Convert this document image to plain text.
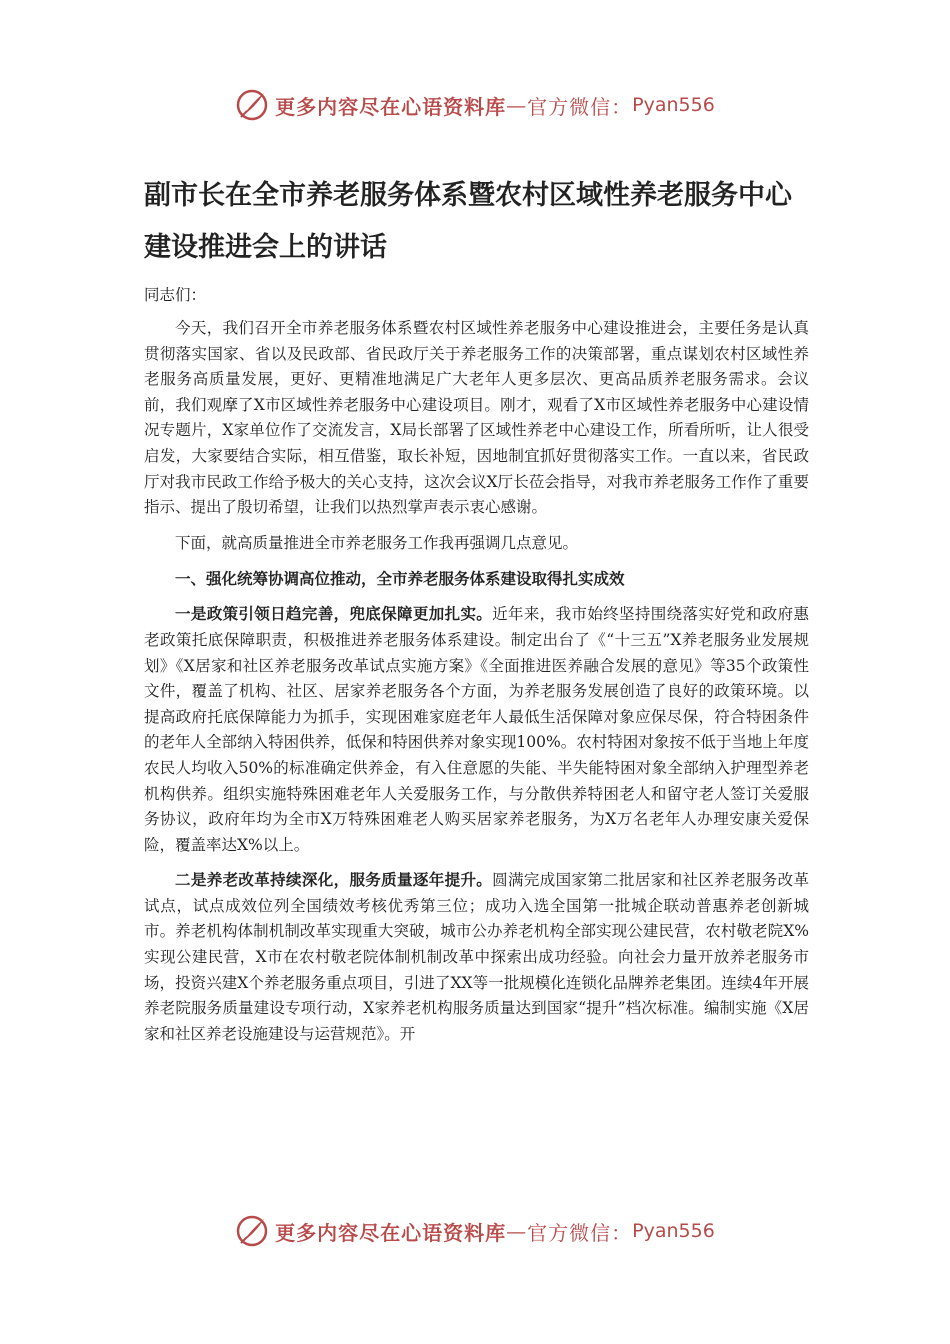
更多内容尽在心语资料库 — 官方微信： Pyan556
副市长在全市养老服务体系暨农村区域性养老服务中心建设推进会上的讲话

同志们：

今天，我们召开全市养老服务体系暨农村区域性养老服务中心建设推进会，主要任务是认真贯彻落实国家、省以及民政部、省民政厅关于养老服务工作的决策部署，重点谋划农村区域性养老服务高质量发展，更好、更精准地满足广大老年人更多层次、更高品质养老服务需求。会议前，我们观摩了X市区域性养老服务中心建设项目。刚才，观看了X市区域性养老服务中心建设情况专题片，X家单位作了交流发言，X局长部署了区域性养老中心建设工作，所看所听，让人很受启发，大家要结合实际，相互借鉴，取长补短，因地制宜抓好贯彻落实工作。一直以来，省民政厅对我市民政工作给予极大的关心支持，这次会议X厅长莅会指导，对我市养老服务工作作了重要指示、提出了殷切希望，让我们以热烈掌声表示衷心感谢。

下面，就高质量推进全市养老服务工作我再强调几点意见。

一、强化统筹协调高位推动，全市养老服务体系建设取得扎实成效

一是政策引领日趋完善，兜底保障更加扎实。近年来，我市始终坚持围绕落实好党和政府惠老政策托底保障职责，积极推进养老服务体系建设。制定出台了《“十三五”X养老服务业发展规划》《X居家和社区养老服务改革试点实施方案》《全面推进医养融合发展的意见》等35个政策性文件，覆盖了机构、社区、居家养老服务各个方面，为养老服务发展创造了良好的政策环境。以提高政府托底保障能力为抓手，实现困难家庭老年人最低生活保障对象应保尽保，符合特困条件的老年人全部纳入特困供养，低保和特困供养对象实现100%。农村特困对象按不低于当地上年度农民人均收入50%的标准确定供养金，有入住意愿的失能、半失能特困对象全部纳入护理型养老机构供养。组织实施特殊困难老年人关爱服务工作，与分散供养特困老人和留守老人签订关爱服务协议，政府年均为全市X万特殊困难老人购买居家养老服务，为X万名老年人办理安康关爱保险，覆盖率达X%以上。

二是养老改革持续深化，服务质量逐年提升。圆满完成国家第二批居家和社区养老服务改革试点，试点成效位列全国绩效考核优秀第三位；成功入选全国第一批城企联动普惠养老创新城市。养老机构体制机制改革实现重大突破，城市公办养老机构全部实现公建民营，农村敬老院X%实现公建民营，X市在农村敬老院体制机制改革中探索出成功经验。向社会力量开放养老服务市场，投资兴建X个养老服务重点项目，引进了XX等一批规模化连锁化品牌养老集团。连续4年开展养老院服务质量建设专项行动，X家养老机构服务质量达到国家“提升”档次标准。编制实施《X居家和社区养老设施建设与运营规范》。开

更多内容尽在心语资料库 — 官方微信： Pyan556
